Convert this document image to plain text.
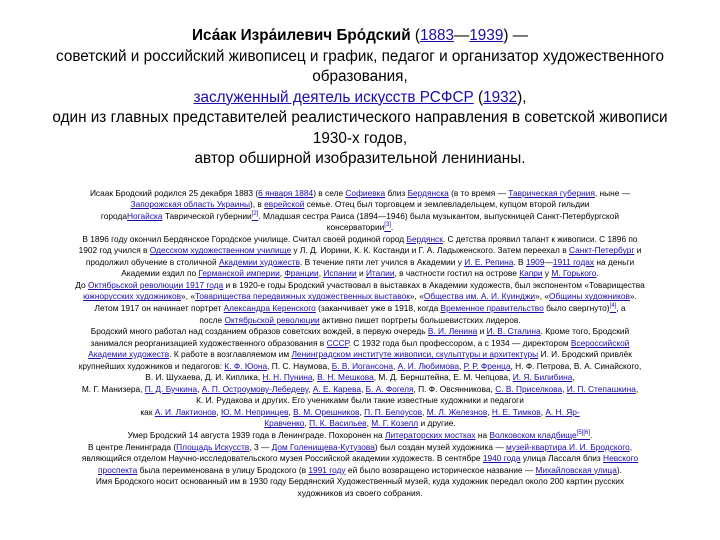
Иса́ак Изра́илевич Бро́дский (1883—1939) —
советский и российский живописец и график, педагог и организатор художественного
образования,
заслуженный деятель искусств РСФСР (1932),
один из главных представителей реалистического направления в советской живописи
1930-х годов,
автор обширной изобразительной ленинианы.

Исаак Бродский родился 25 декабря 1883 (6 января 1884) в селе Софиевка близ Бердянска (в то время — Таврическая губерния, ныне —
Запорожская область Украины), в еврейской семье. Отец был торговцем и землевладельцем, купцом второй гильдии
городаНогайска Таврической губернии[2]. Младшая сестра Раиса (1894—1946) была музыкантом, выпускницей Санкт-Петербургской
консерватории[3].

В 1896 году окончил Бердянское Городское училище. Считал своей родиной город Бердянск. С детства проявил талант к живописи. С 1896 по
1902 год учился в Одесском художественном училище у Л. Д. Иорини, К. К. Костанди и Г. А. Ладыженского. Затем переехал в Санкт-Петербург и
продолжил обучение в столичной Академии художеств. В течение пяти лет учился в Академии у И. Е. Репина. В 1909—1911 годах на деньги
Академии ездил по Германской империи, Франции, Испании и Италии, в частности гостил на острове Капри у М. Горького.

До Октябрьской революции 1917 года и в 1920-е годы Бродский участвовал в выставках в Академии художеств, был экспонентом «Товарищества
южнорусских художников», «Товарищества передвижных художественных выставок», «Общества им. А. И. Куинджи», «Общины художников».
Летом 1917 он начинает портрет Александра Керенского (заканчивает уже в 1918, когда Временное правительство было свергнуто)[4], а
после Октябрьской революции активно пишет портреты большевистских лидеров.

Бродский много работал над созданием образов советских вождей, в первую очередь В. И. Ленина и И. В. Сталина. Кроме того, Бродский
занимался реорганизацией художественного образования в СССР. С 1932 года был профессором, а с 1934 — директором Всероссийской
Академии художеств. К работе в возглавляемом им Ленинградском институте живописи, скульптуры и архитектуры И. И. Бродский привлёк
крупнейших художников и педагогов: К. Ф. Юона, П. С. Наумова, Б. В. Иогансона, А. И. Любимова, Р. Р. Френца, Н. Ф. Петрова, В. А. Синайского,
В. И. Шухаева, Д. И. Киплика, Н. Н. Пунина, В. Н. Мешкова, М. Д. Бернштейна, Е. М. Чепцова, И. Я. Билибина,
М. Г. Манизера, П. Д. Бучкина, А. П. Остроумову-Лебедеву, А. Е. Карева, Б. А. Фогеля, П. Ф. Овсянникова, С. В. Приселкова, И. П. Степашкина,
К. И. Рудакова и других. Его учениками были такие известные художники и педагоги
как А. И. Лактионов, Ю. М. Непринцев, В. М. Орешников, П. П. Белоусов, М. Л. Железнов, Н. Е. Тимков, А. Н. Яр-
Кравченко, П. К. Васильев, М. Г. Козелл и другие.

Умер Бродский 14 августа 1939 года в Ленинграде. Похоронен на Литераторских мостках на Волковском кладбище[5][6].
В центре Ленинграда (Площадь Искусств, 3 — Дом Голенищева-Кутузова) был создан музей художника — музей-квартира И. И. Бродского,
являющийся отделом Научно-исследовательского музея Российской академии художеств. В сентябре 1940 года улица Лассаля близ Невского
проспекта была переименована в улицу Бродского (в 1991 году ей было возвращено историческое название — Михайловская улица).
Имя Бродского носит основанный им в 1930 году Бердянский Художественный музей, куда художник передал около 200 картин русских
художников из своего собрания.
